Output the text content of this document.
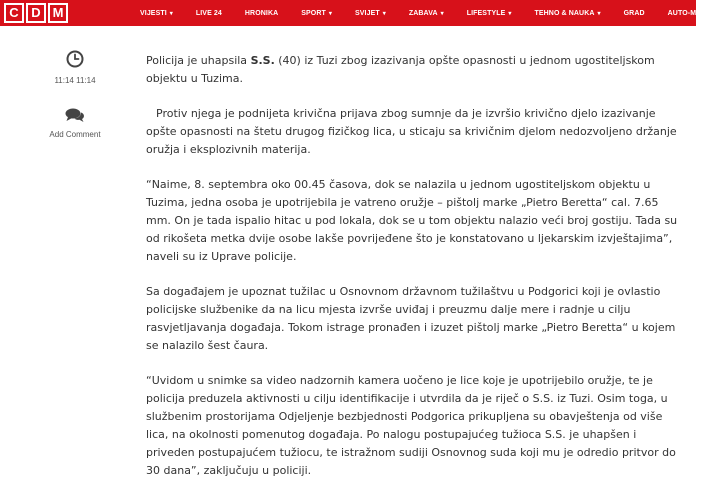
C D M	VIJESTI ▾	LIVE 24	HRONIKA	SPORT ▾	SVIJET ▾	ZABAVA ▾	LIFESTYLE ▾	TEHNO & NAUKA ▾	GRAD	AUTO-MOTO ▾
11:14 11:14
Add Comment

Policija je uhapsila S.S. (40) iz Tuzi zbog izazivanja opšte opasnosti u jednom ugostiteljskom objektu u Tuzima.

Protiv njega je podnijeta krivična prijava zbog sumnje da je izvršio krivično djelo izazivanje opšte opasnosti na štetu drugog fizičkog lica, u sticaju sa krivičnim djelom nedozvoljeno držanje oružja i eksplozivnih materija.

“Naime, 8. septembra oko 00.45 časova, dok se nalazila u jednom ugostiteljskom objektu u Tuzima, jedna osoba je upotrijebila je vatreno oružje – pištolj marke „Pietro Beretta“ cal. 7.65 mm. On je tada ispalio hitac u pod lokala, dok se u tom objektu nalazio veći broj gostiju. Tada su od rikošeta metka dvije osobe lakše povrijeđene što je konstatovano u ljekarskim izvještajima”, naveli su iz Uprave policije.

Sa događajem je upoznat tužilac u Osnovnom državnom tužilaštvu u Podgorici koji je ovlastio policijske službenike da na licu mjesta izvrše uviđaj i preuzmu dalje mere i radnje u cilju rasvjetljavanja događaja. Tokom istrage pronađen i izuzet pištolj marke „Pietro Beretta“ u kojem se nalazilo šest čaura.

“Uvidom u snimke sa video nadzornih kamera uočeno je lice koje je upotrijebilo oružje, te je policija preduzela aktivnosti u cilju identifikacije i utvrdila da je riječ o S.S. iz Tuzi. Osim toga, u službenim prostorijama Odjeljenje bezbjednosti Podgorica prikupljena su obavještenja od više lica, na okolnosti pomenutog događaja. Po nalogu postupajućeg tužioca S.S. je uhapšen i priveden postupajućem tužiocu, te istražnom sudiji Osnovnog suda koji mu je odredio pritvor do 30 dana”, zaključuju u policiji.
